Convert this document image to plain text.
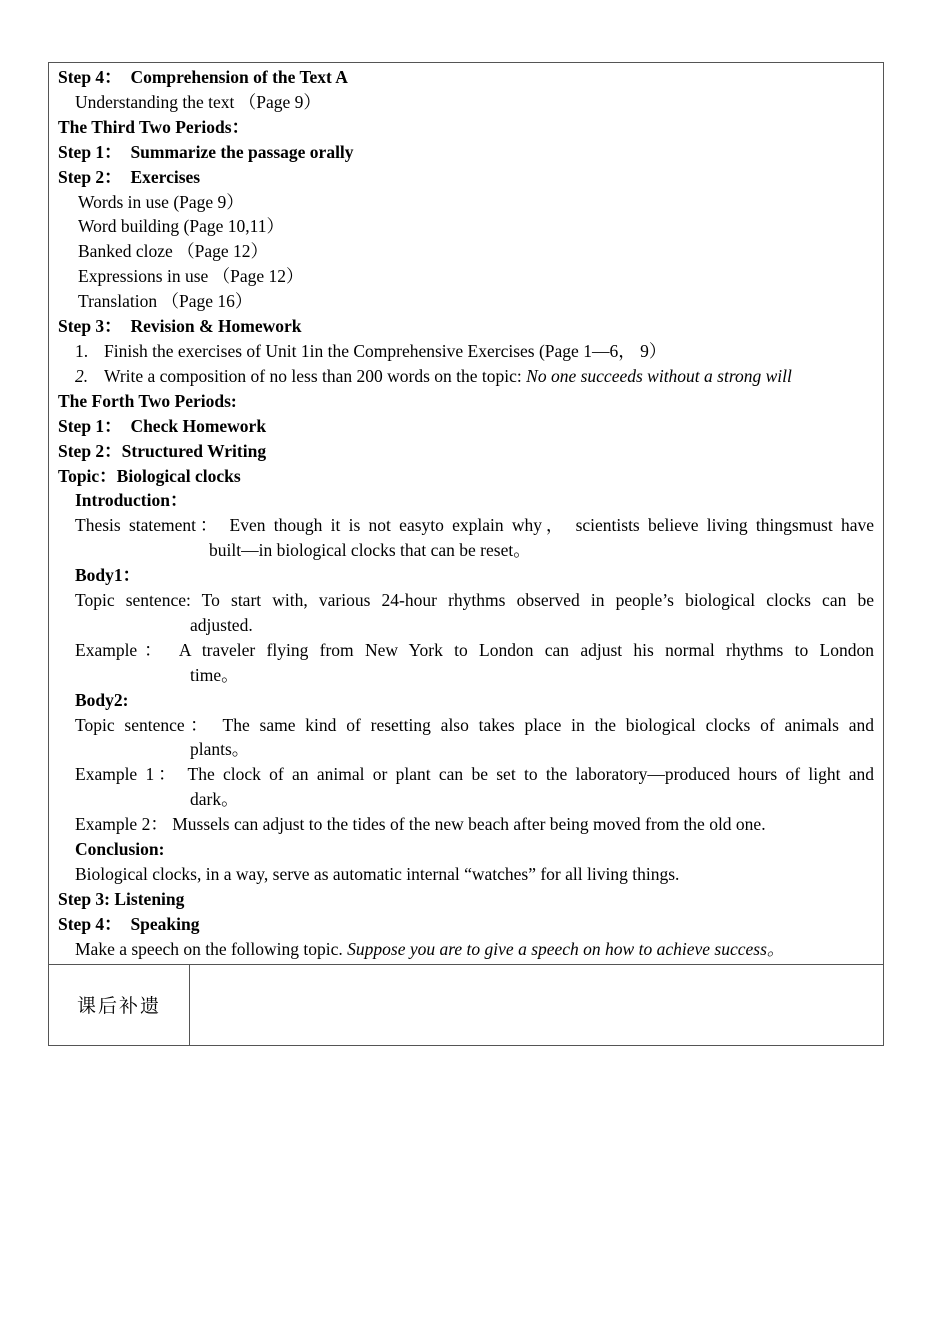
Step 4： Comprehension of the Text A
Understanding the text （Page 9）
The Third Two Periods：
Step 1： Summarize the passage orally
Step 2： Exercises
Words in use (Page 9）
Word building (Page 10,11）
Banked cloze （Page 12）
Expressions in use （Page 12）
Translation （Page 16）
Step 3： Revision & Homework
1. Finish the exercises of Unit 1in the Comprehensive Exercises (Page 1—6， 9）
2. Write a composition of no less than 200 words on the topic: No one succeeds without a strong will
The Forth Two Periods:
Step 1： Check Homework
Step 2：Structured Writing
Topic：Biological clocks
Introduction：
Thesis statement： Even though it is not easyto explain why， scientists believe living thingsmust have
built—in biological clocks that can be reset。
Body1：
Topic sentence: To start with, various 24-hour rhythms observed in people’s biological clocks can be
adjusted.
Example： A traveler flying from New York to London can adjust his normal rhythms to London
time。
Body2:
Topic sentence： The same kind of resetting also takes place in the biological clocks of animals and
plants。
Example 1： The clock of an animal or plant can be set to the laboratory—produced hours of light and
dark。
Example 2： Mussels can adjust to the tides of the new beach after being moved from the old one.
Conclusion:
Biological clocks, in a way, serve as automatic internal “watches” for all living things.
Step 3: Listening
Step 4： Speaking
Make a speech on the following topic. Suppose you are to give a speech on how to achieve success。
课后补遗
